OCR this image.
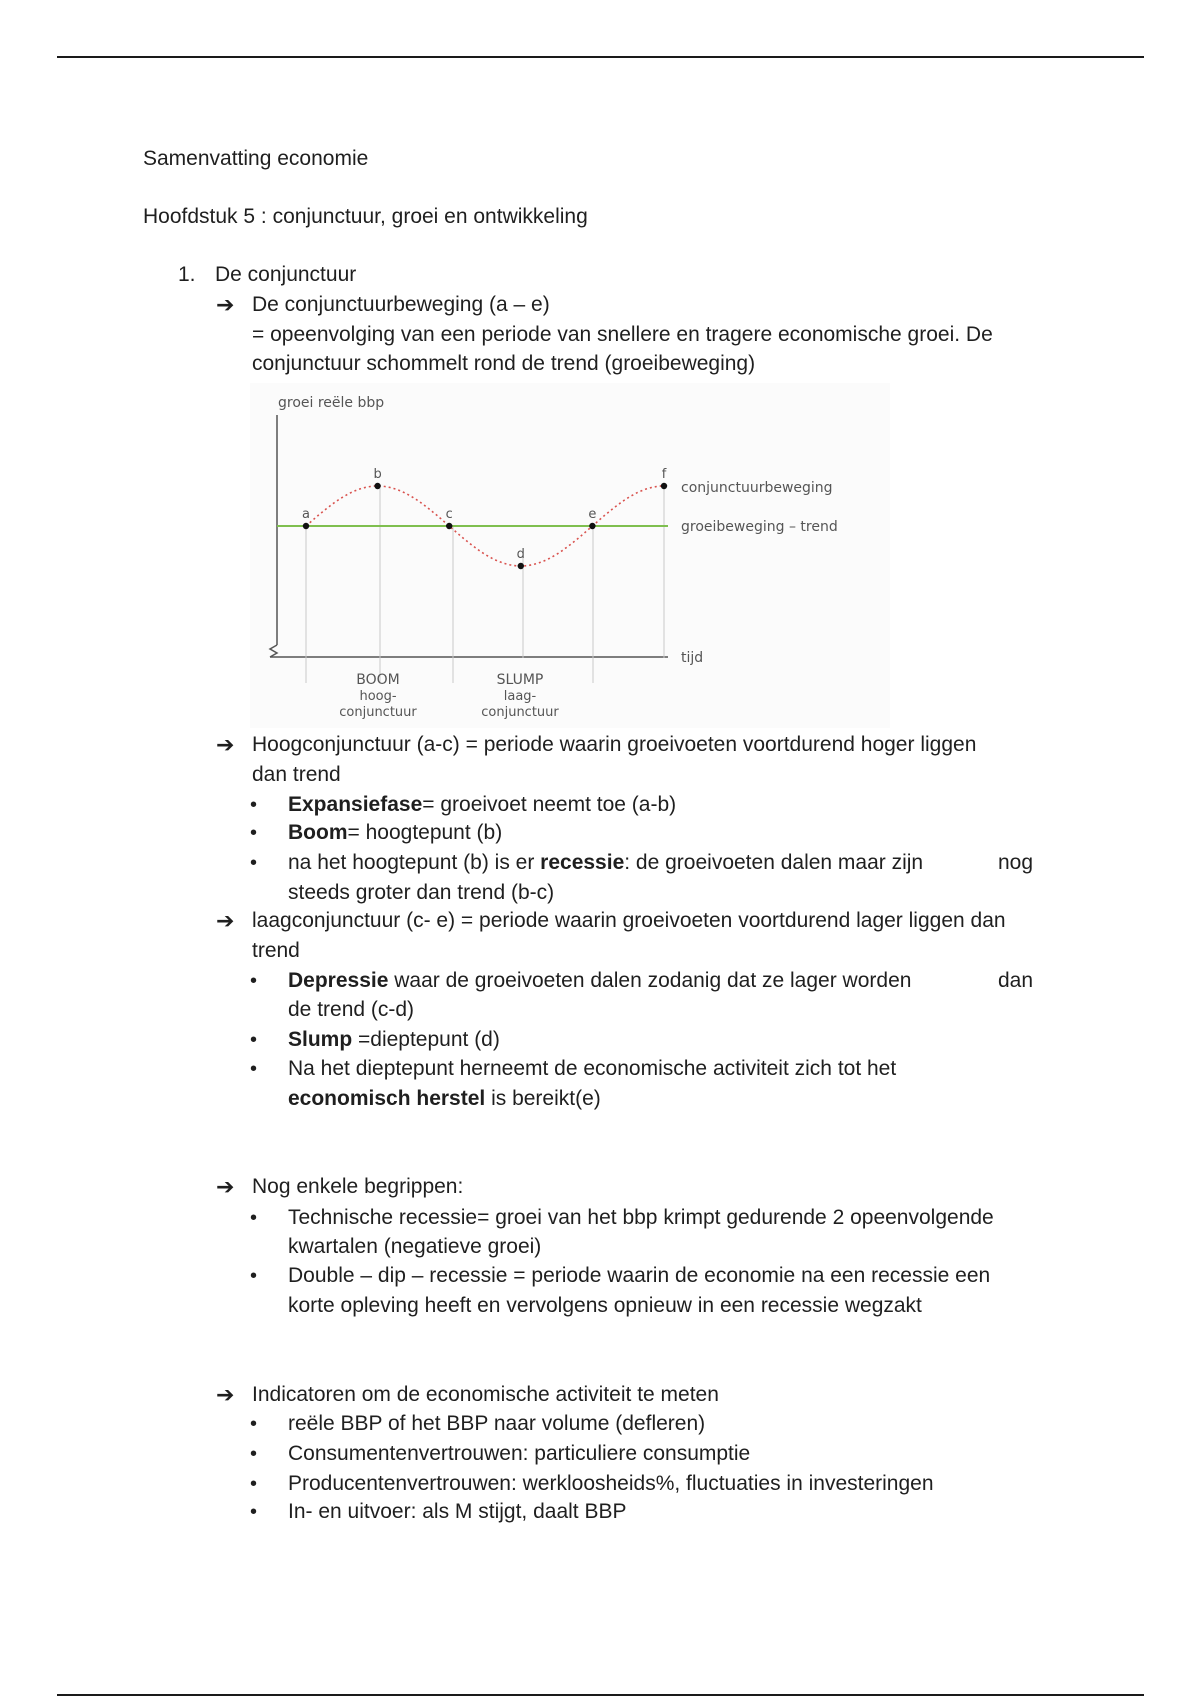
Samenvatting economie
Hoofdstuk 5 : conjunctuur, groei en ontwikkeling
1. De conjunctuur
➔ De conjunctuurbeweging (a – e)
= opeenvolging van een periode van snellere en tragere economische groei. De
conjunctuur schommelt rond de trend (groeibeweging)
groei reële bbp
tijd
a
b
c
d
e
f
conjunctuurbeweging
groeibeweging – trend
BOOM
hoog-
conjunctuur
SLUMP
laag-
conjunctuur
➔ Hoogconjunctuur (a-c) = periode waarin groeivoeten voortdurend hoger liggen
dan trend
• Expansiefase= groeivoet neemt toe (a-b)
• Boom= hoogtepunt (b)
• na het hoogtepunt (b) is er recessie: de groeivoeten dalen maar zijn	nog
steeds groter dan trend (b-c)
➔ laagconjunctuur (c- e) = periode waarin groeivoeten voortdurend lager liggen dan
trend
• Depressie waar de groeivoeten dalen zodanig dat ze lager worden	dan
de trend (c-d)
• Slump =dieptepunt (d)
• Na het dieptepunt herneemt de economische activiteit zich tot het
economisch herstel is bereikt(e)
➔ Nog enkele begrippen:
• Technische recessie= groei van het bbp krimpt gedurende 2 opeenvolgende
kwartalen (negatieve groei)
• Double – dip – recessie = periode waarin de economie na een recessie een
korte opleving heeft en vervolgens opnieuw in een recessie wegzakt
➔ Indicatoren om de economische activiteit te meten
• reële BBP of het BBP naar volume (defleren)
• Consumentenvertrouwen: particuliere consumptie
• Producentenvertrouwen: werkloosheids%, fluctuaties in investeringen
• In- en uitvoer: als M stijgt, daalt BBP
